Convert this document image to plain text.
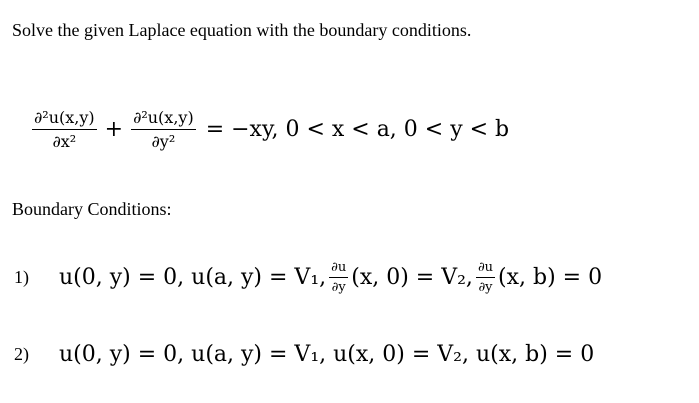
Solve the given Laplace equation with the boundary conditions.
$\frac{\text{∂²u(x,y)}}{\text{∂x²}} + \frac{\text{∂²u(x,y)}}{\text{∂y²}} = -xy$, 0 < x < a, 0 < y < b
Boundary Conditions:
1) u(0, y) = 0, u(a, y) = V₁, $\frac{\partial u}{\partial y} (x$, 0) = V₂, $\frac{\partial u}{\partial y} (x$, b) = 0
2) u(0, y) = 0, u(a, y) = V₁, u(x, 0) = V₂, u(x, b) = 0
